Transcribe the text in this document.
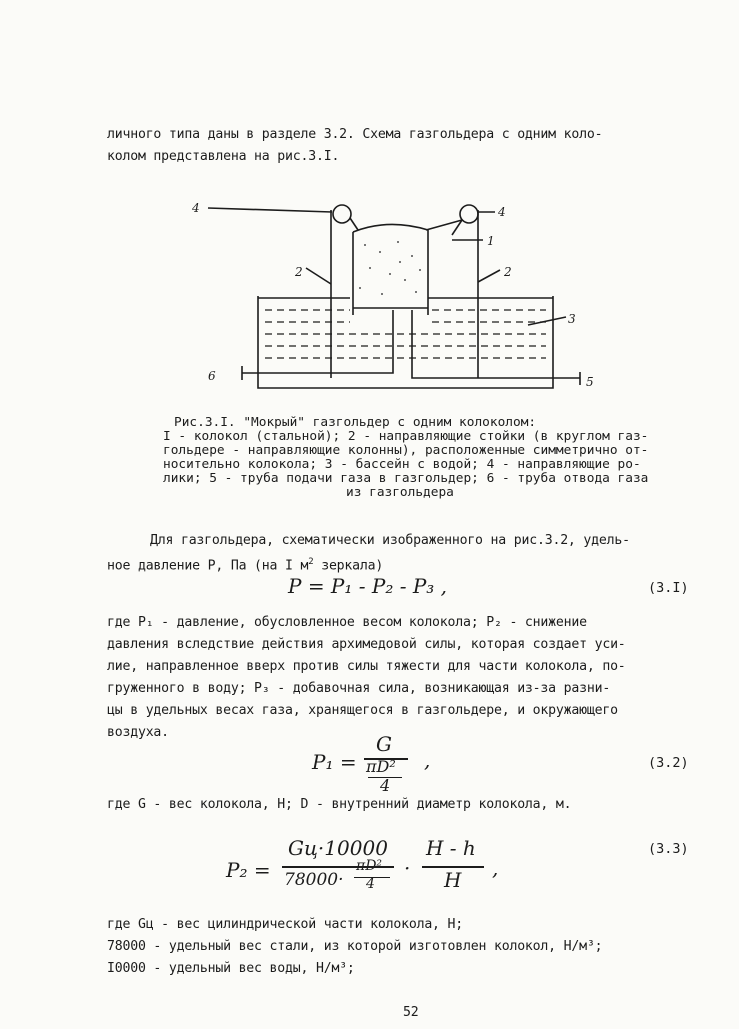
личного типа даны в разделе 3.2. Схема газгольдера с одним коло-
колом представлена на рис.3.I.
4	4
1
2	2
3
6	5
Рис.3.I. "Мокрый" газгольдер с одним колоколом:
I - колокол (стальной); 2 - направляющие стойки (в круглом газ-
гольдере - направляющие колонны), расположенные симметрично от-
носительно колокола; 3 - бассейн с водой; 4 - направляющие ро-
лики; 5 - труба подачи газа в газгольдер; 6 - труба отвода газа
из газгольдера
Для газгольдера, схематически изображенного на рис.3.2, удель-
ное давление P, Па (на I $м^2$ зеркала)
P = P₁ - P₂ - P₃ ,	(3.I)
где P₁ - давление, обусловленное весом колокола; P₂ - снижение
давления вследствие действия архимедовой силы, которая создает уси-
лие, направленное вверх против силы тяжести для части колокола, по-
груженного в воду; P₃ - добавочная сила, возникающая из-за разни-
цы в удельных весах газа, хранящегося в газгольдере, и окружающего
воздуха.
P₁ =
G
πD²
4
,	(3.2)
где G - вес колокола, Н; D - внутренний диаметр колокола, м.
P₂ =
Gц·10000
78000·
πD²
4
·
H - h
H ,
(3.3)
где Gц - вес цилиндрической части колокола, Н;
78000 - удельный вес стали, из которой изготовлен колокол, Н/м³;
I0000 - удельный вес воды, Н/м³;
52
